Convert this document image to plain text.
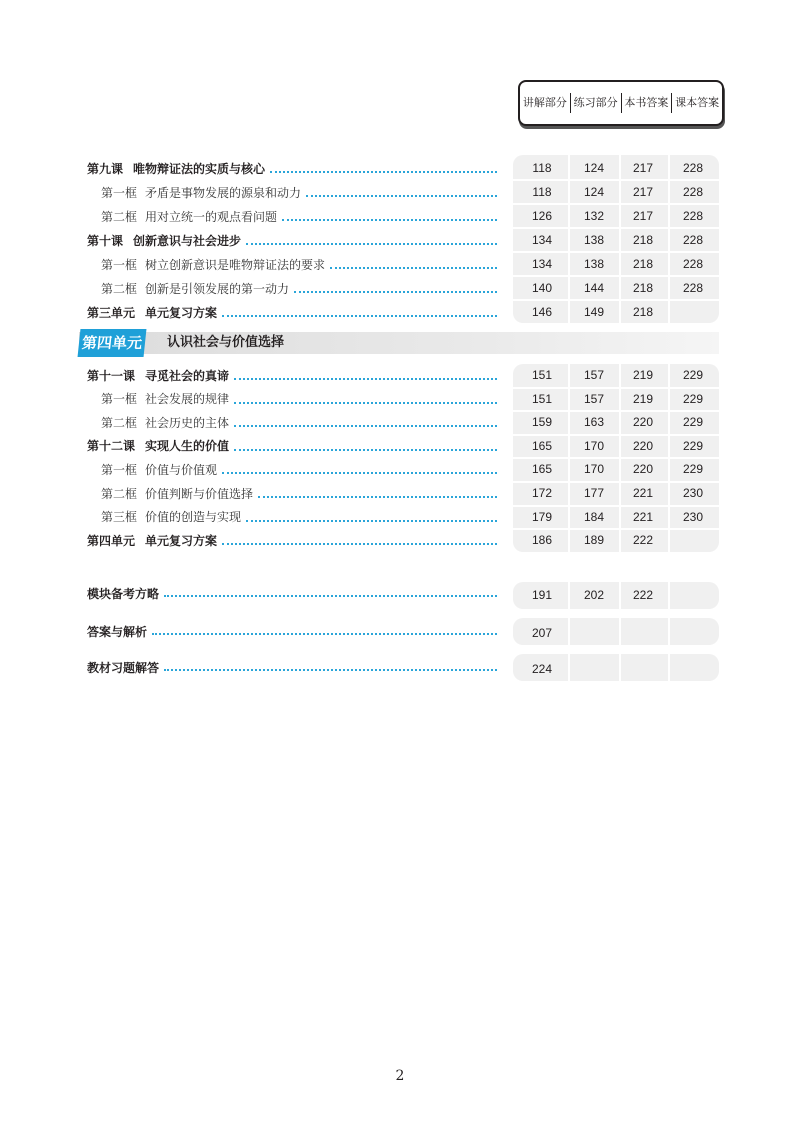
讲解部分 练习部分 本书答案 课本答案
第四单元 认识社会与价值选择
第九课 唯物辩证法的实质与核心	118	124	217	228
第一框 矛盾是事物发展的源泉和动力	118	124	217	228
第二框 用对立统一的观点看问题	126	132	217	228
第十课 创新意识与社会进步	134	138	218	228
第一框 树立创新意识是唯物辩证法的要求	134	138	218	228
第二框 创新是引领发展的第一动力	140	144	218	228
第三单元 单元复习方案	146	149	218
第十一课 寻觅社会的真谛	151	157	219	229
第一框 社会发展的规律	151	157	219	229
第二框 社会历史的主体	159	163	220	229
第十二课 实现人生的价值	165	170	220	229
第一框 价值与价值观	165	170	220	229
第二框 价值判断与价值选择	172	177	221	230
第三框 价值的创造与实现	179	184	221	230
第四单元 单元复习方案	186	189	222
模块备考方略	191	202	222
答案与解析	207
教材习题解答	224
2
